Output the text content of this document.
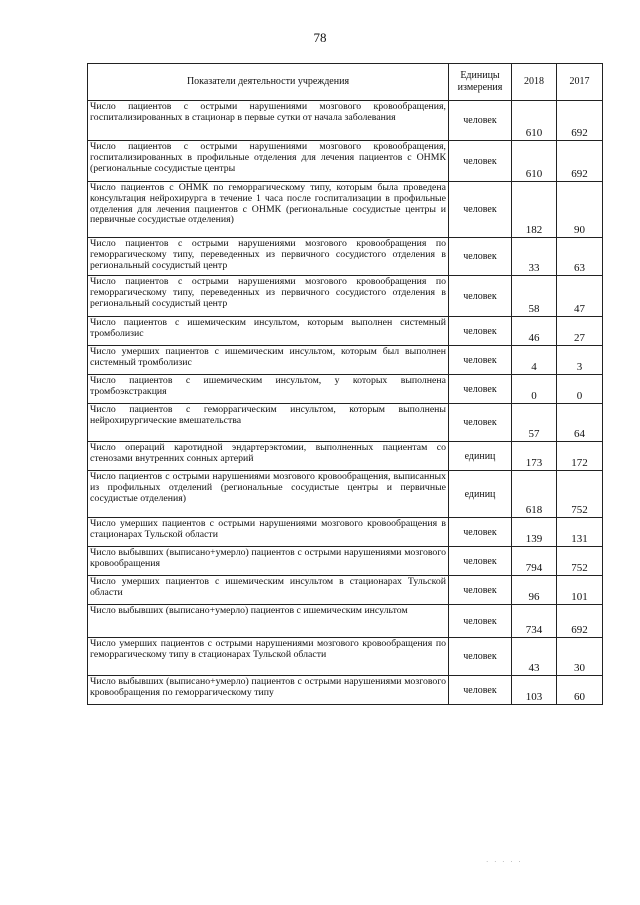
78
Показатели деятельности учреждения	Единицы измерения	2018	2017
Число пациентов с острыми нарушениями мозгового кровообращения, госпитализированных в стационар в первые сутки от начала заболевания	человек	610	692
Число пациентов с острыми нарушениями мозгового кровообращения, госпитализированных в профильные отделения для лечения пациентов с ОНМК (региональные сосудистые центры	человек	610	692
Число пациентов с ОНМК по геморрагическому типу, которым была проведена консультация нейрохирурга в течение 1 часа после госпитализации в профильные отделения для лечения пациентов с ОНМК (региональные сосудистые центры и первичные сосудистые отделения)	человек	182	90
Число пациентов с острыми нарушениями мозгового кровообращения по геморрагическому типу, переведенных из первичного сосудистого отделения в региональный сосудистый центр	человек	33	63
Число пациентов с острыми нарушениями мозгового кровообращения по геморрагическому типу, переведенных из первичного сосудистого отделения в региональный сосудистый центр	человек	58	47
Число пациентов с ишемическим инсультом, которым выполнен системный тромболизис	человек	46	27
Число умерших пациентов с ишемическим инсультом, которым был выполнен системный тромболизис	человек	4	3
Число пациентов с ишемическим инсультом, у которых выполнена тромбоэкстракция	человек	0	0
Число пациентов с геморрагическим инсультом, которым выполнены нейрохирургические вмешательства	человек	57	64
Число операций каротидной эндартерэктомии, выполненных пациентам со стенозами внутренних сонных артерий	единиц	173	172
Число пациентов с острыми нарушениями мозгового кровообращения, выписанных из профильных отделений (региональные сосудистые центры и первичные сосудистые отделения)	единиц	618	752
Число умерших пациентов с острыми нарушениями мозгового кровообращения в стационарах Тульской области	человек	139	131
Число выбывших (выписано+умерло) пациентов с острыми нарушениями мозгового кровообращения	человек	794	752
Число умерших пациентов с ишемическим инсультом в стационарах Тульской области	человек	96	101
Число выбывших (выписано+умерло) пациентов с ишемическим инсультом	человек	734	692
Число умерших пациентов с острыми нарушениями мозгового кровообращения по геморрагическому типу в стационарах Тульской области	человек	43	30
Число выбывших (выписано+умерло) пациентов с острыми нарушениями мозгового кровообращения по геморрагическому типу	человек	103	60
· · · · ·
